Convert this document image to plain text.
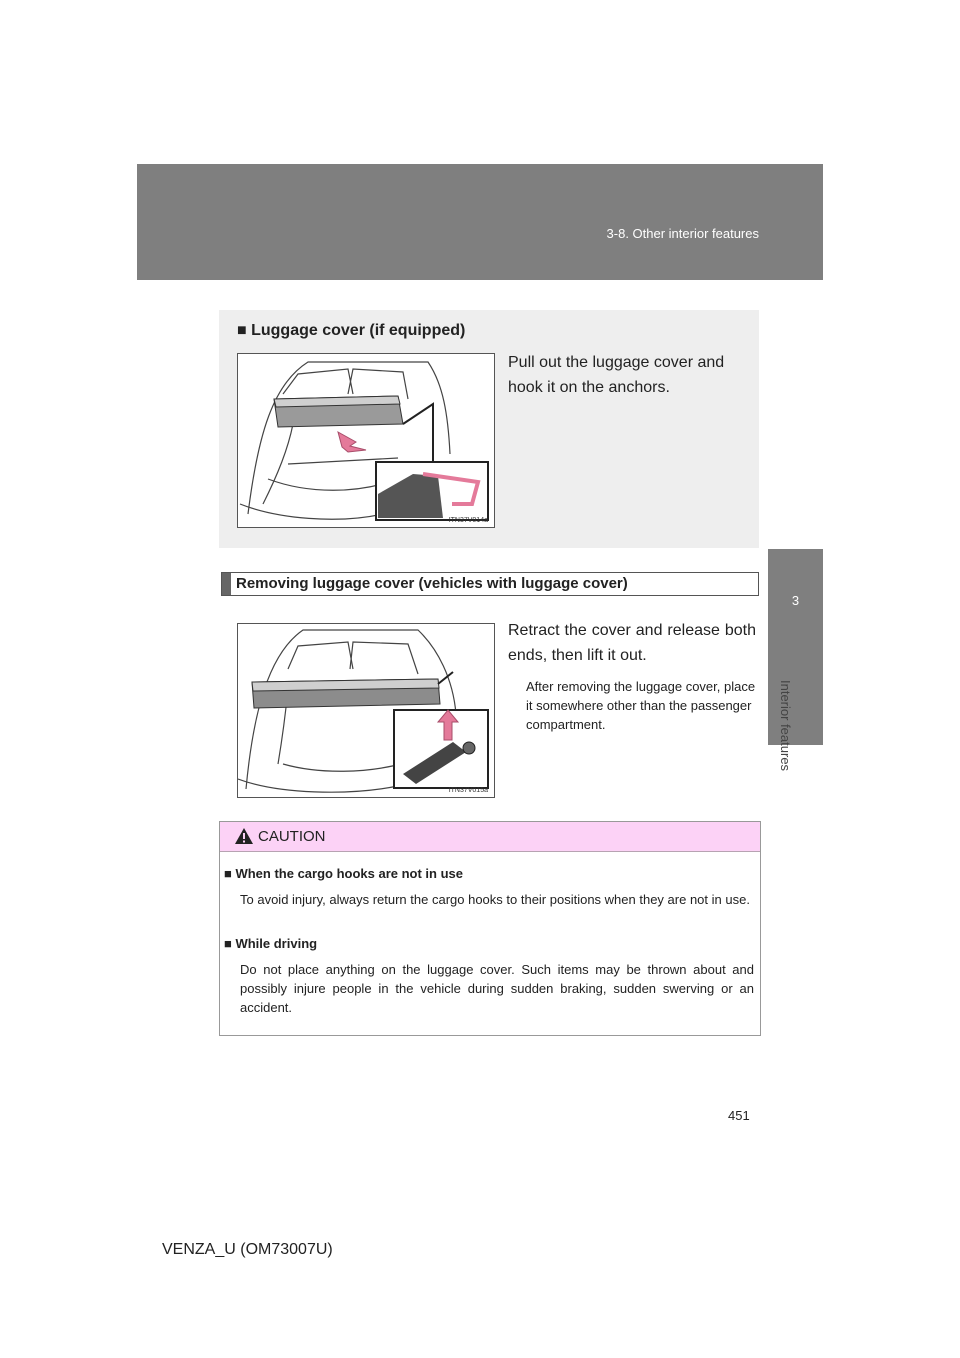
3-8. Other interior features
3
Interior features
■ Luggage cover (if equipped)
Pull out the luggage cover and hook it on the anchors.
ITN37V014a
Removing luggage cover (vehicles with luggage cover)
ITN37V015a
Retract the cover and release both ends, then lift it out.
After removing the luggage cover, place it somewhere other than the passenger compartment.
CAUTION
■ When the cargo hooks are not in use
To avoid injury, always return the cargo hooks to their positions when they are not in use.
■ While driving
Do not place anything on the luggage cover. Such items may be thrown about and possibly injure people in the vehicle during sudden braking, sudden swerving or an accident.
451
VENZA_U (OM73007U)
